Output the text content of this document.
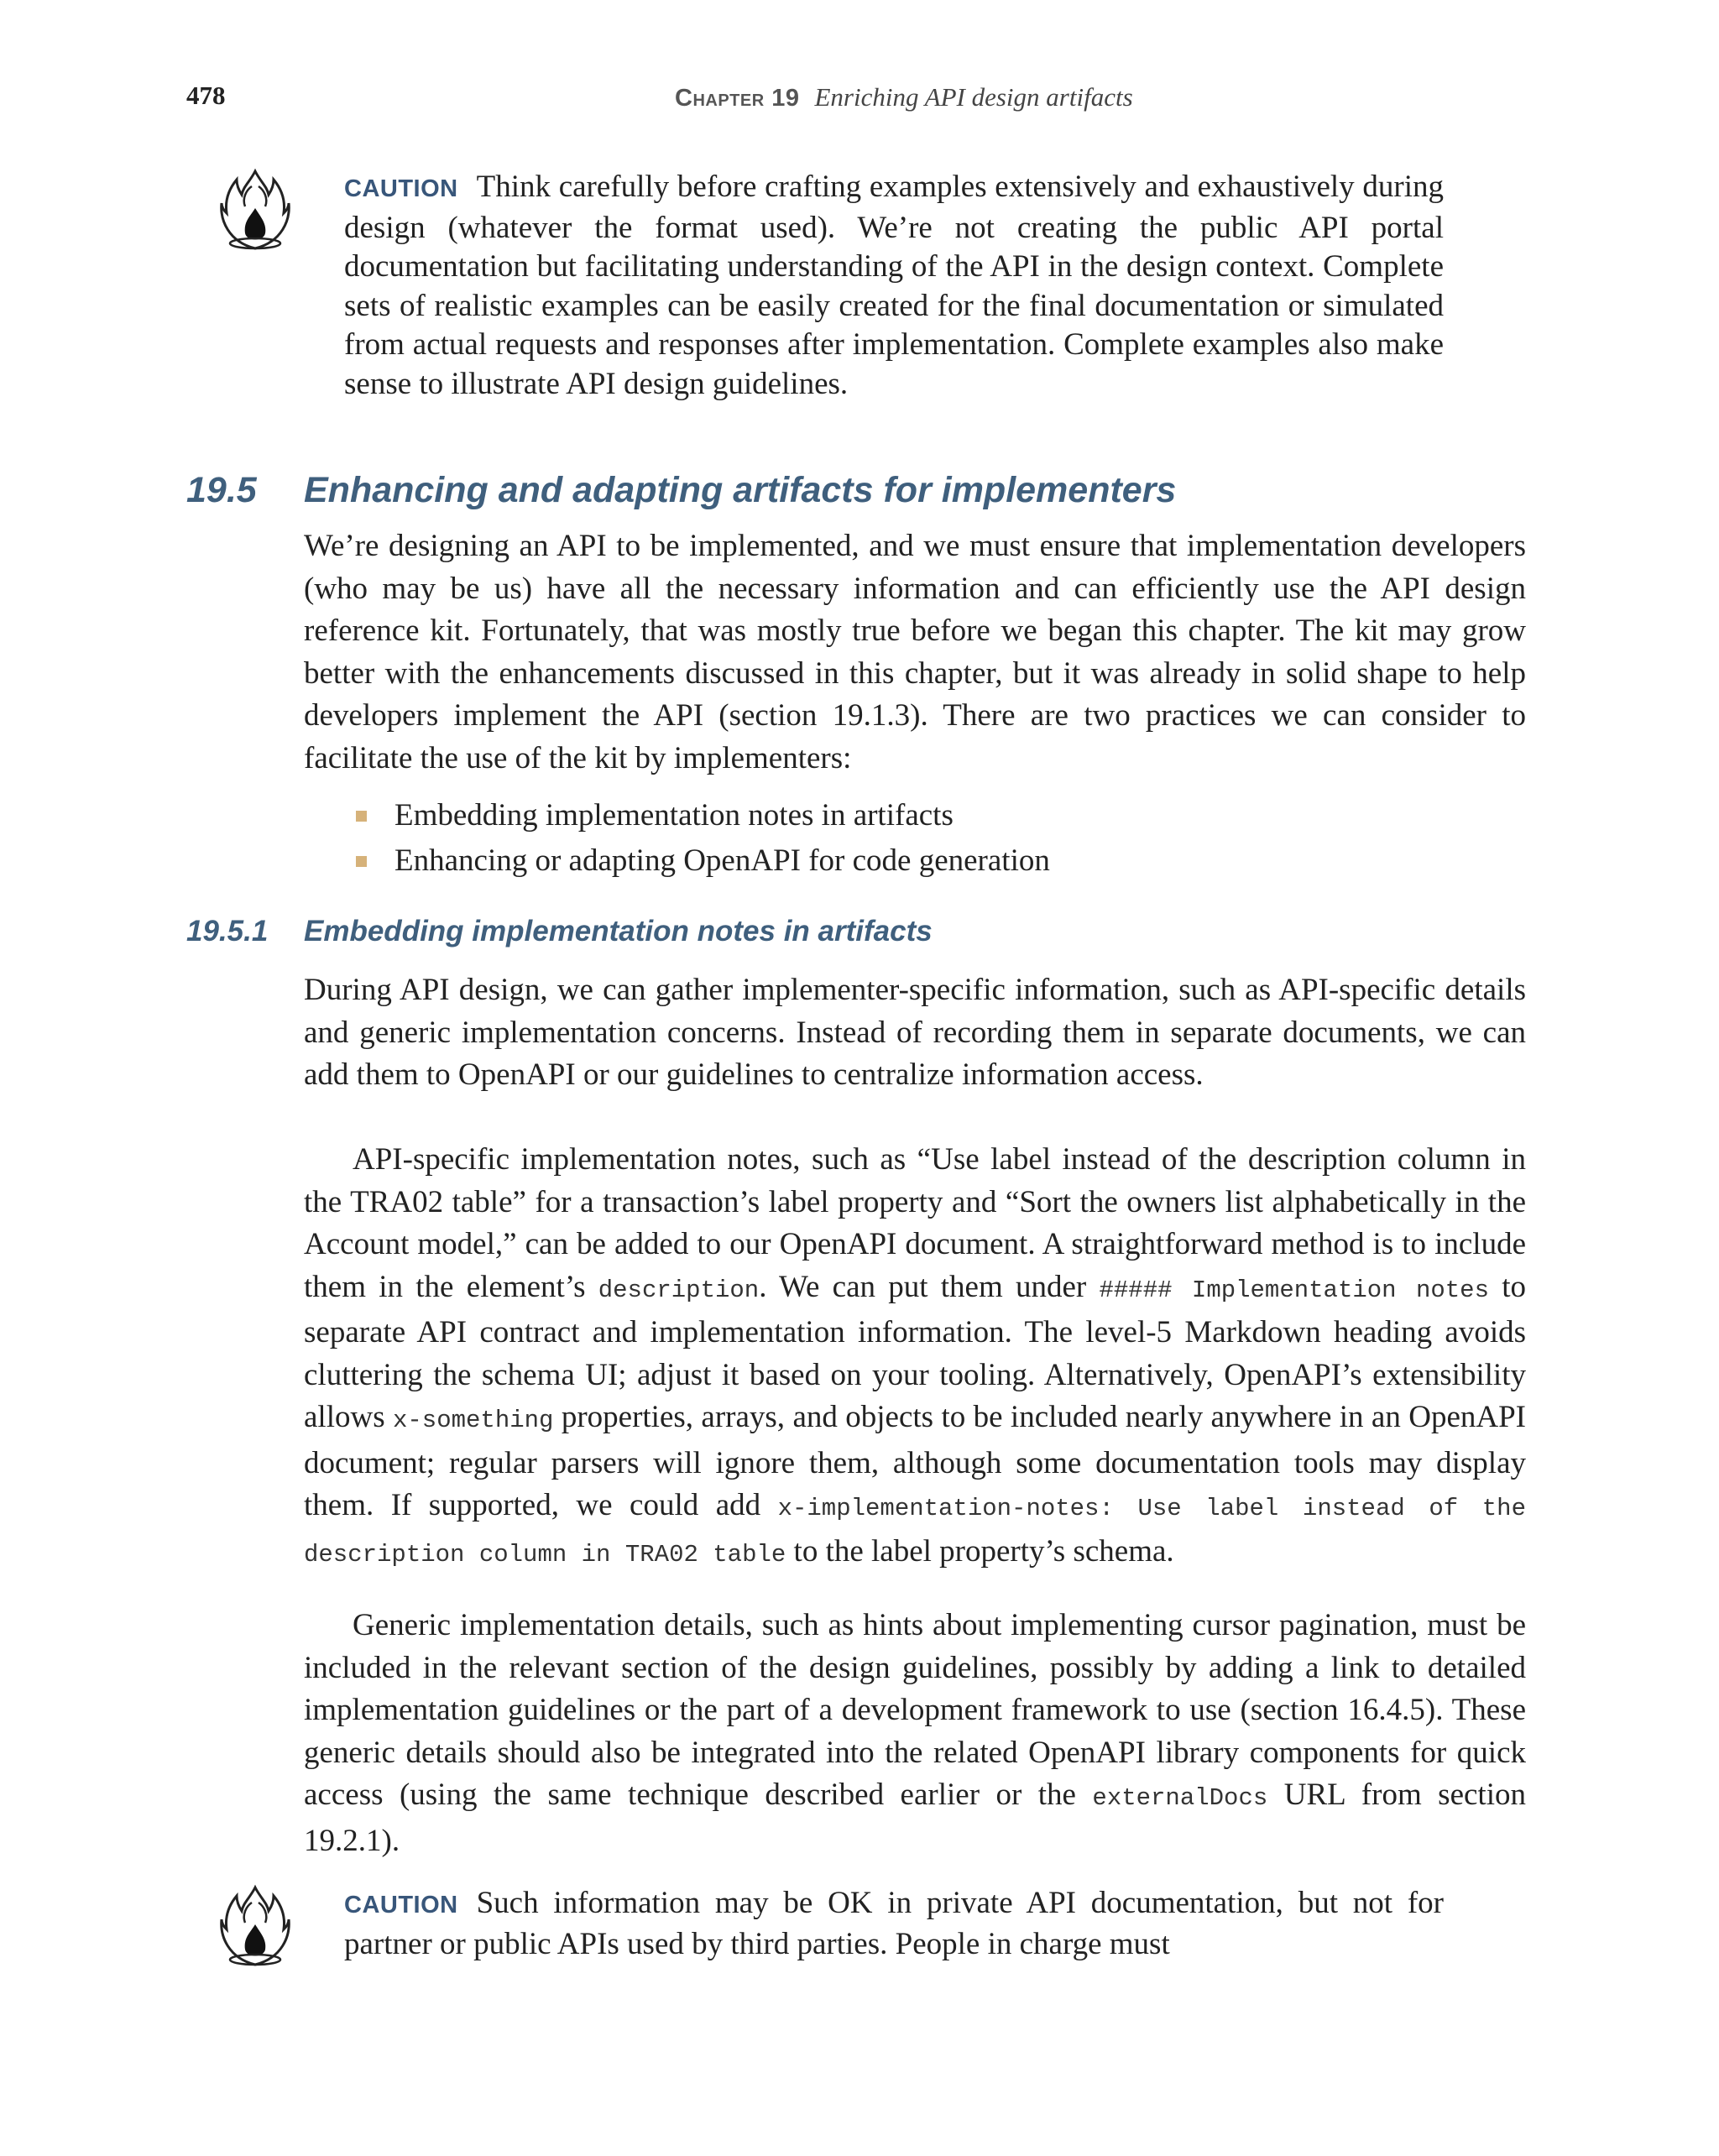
478	Chapter 19 Enriching API design artifacts
CAUTION Think carefully before crafting examples extensively and exhaustively during design (whatever the format used). We’re not creating the public API portal documentation but facilitating understanding of the API in the design context. Complete sets of realistic examples can be easily created for the final documentation or simulated from actual requests and responses after implementation. Complete examples also make sense to illustrate API design guidelines.
19.5 Enhancing and adapting artifacts for implementers

We’re designing an API to be implemented, and we must ensure that implementation developers (who may be us) have all the necessary information and can efficiently use the API design reference kit. Fortunately, that was mostly true before we began this chapter. The kit may grow better with the enhancements discussed in this chapter, but it was already in solid shape to help developers implement the API (section 19.1.3). There are two practices we can consider to facilitate the use of the kit by implementers:

Embedding implementation notes in artifacts
Enhancing or adapting OpenAPI for code generation
19.5.1 Embedding implementation notes in artifacts

During API design, we can gather implementer-specific information, such as API-specific details and generic implementation concerns. Instead of recording them in separate documents, we can add them to OpenAPI or our guidelines to centralize information access.

API-specific implementation notes, such as “Use label instead of the description column in the TRA02 table” for a transaction’s label property and “Sort the owners list alphabetically in the Account model,” can be added to our OpenAPI document. A straightforward method is to include them in the element’s description. We can put them under ##### Implementation notes to separate API contract and implementation information. The level-5 Markdown heading avoids cluttering the schema UI; adjust it based on your tooling. Alternatively, OpenAPI’s extensibility allows x-something properties, arrays, and objects to be included nearly anywhere in an OpenAPI document; regular parsers will ignore them, although some documentation tools may display them. If supported, we could add x-implementation-notes: Use label instead of the description column in TRA02 table to the label property’s schema.

Generic implementation details, such as hints about implementing cursor pagination, must be included in the relevant section of the design guidelines, possibly by adding a link to detailed implementation guidelines or the part of a development framework to use (section 16.4.5). These generic details should also be integrated into the related OpenAPI library components for quick access (using the same technique described earlier or the externalDocs URL from section 19.2.1).

CAUTION Such information may be OK in private API documentation, but not for partner or public APIs used by third parties. People in charge must
